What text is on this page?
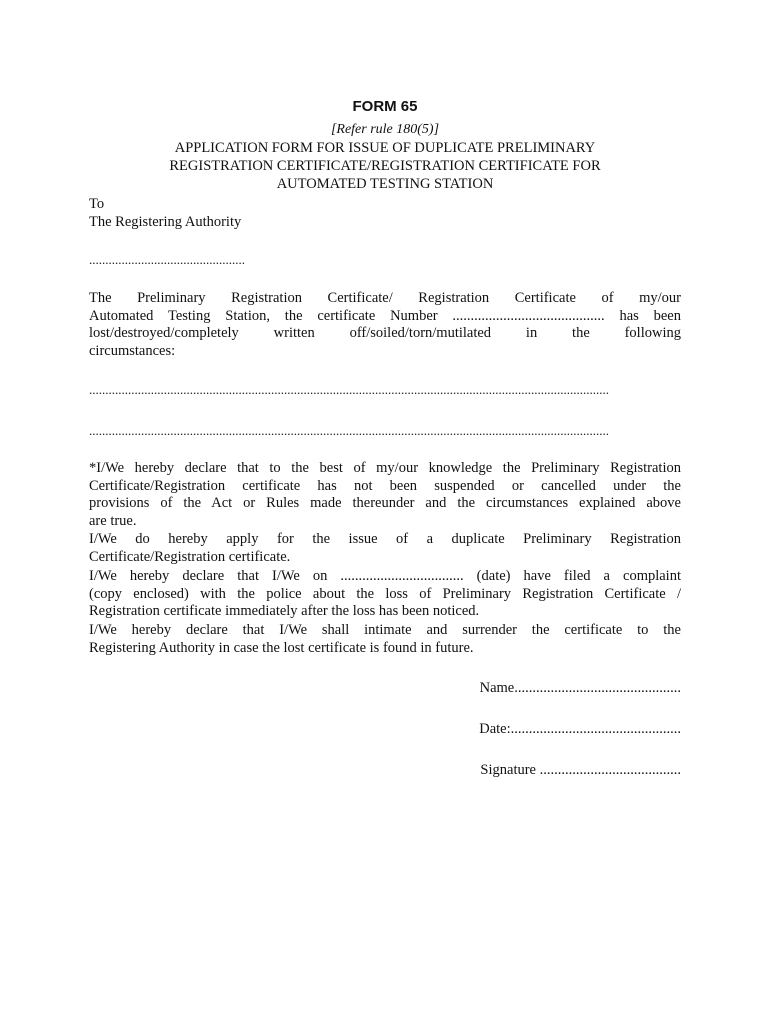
FORM 65
[Refer rule 180(5)]
APPLICATION FORM FOR ISSUE OF DUPLICATE PRELIMINARY
REGISTRATION CERTIFICATE/REGISTRATION CERTIFICATE FOR
AUTOMATED TESTING STATION
To
The Registering Authority
................................................
The Preliminary Registration Certificate/ Registration Certificate of my/our
Automated Testing Station, the certificate Number .......................................... has been
lost/destroyed/completely written off/soiled/torn/mutilated in the following
circumstances:
................................................................................................................................................................
................................................................................................................................................................
*I/We hereby declare that to the best of my/our knowledge the Preliminary Registration
Certificate/Registration certificate has not been suspended or cancelled under the
provisions of the Act or Rules made thereunder and the circumstances explained above
are true.
I/We do hereby apply for the issue of a duplicate Preliminary Registration
Certificate/Registration certificate.
I/We hereby declare that I/We on .................................. (date) have filed a complaint
(copy enclosed) with the police about the loss of Preliminary Registration Certificate /
Registration certificate immediately after the loss has been noticed.
I/We hereby declare that I/We shall intimate and surrender the certificate to the
Registering Authority in case the lost certificate is found in future.
Name..............................................
Date:...............................................
Signature .......................................
